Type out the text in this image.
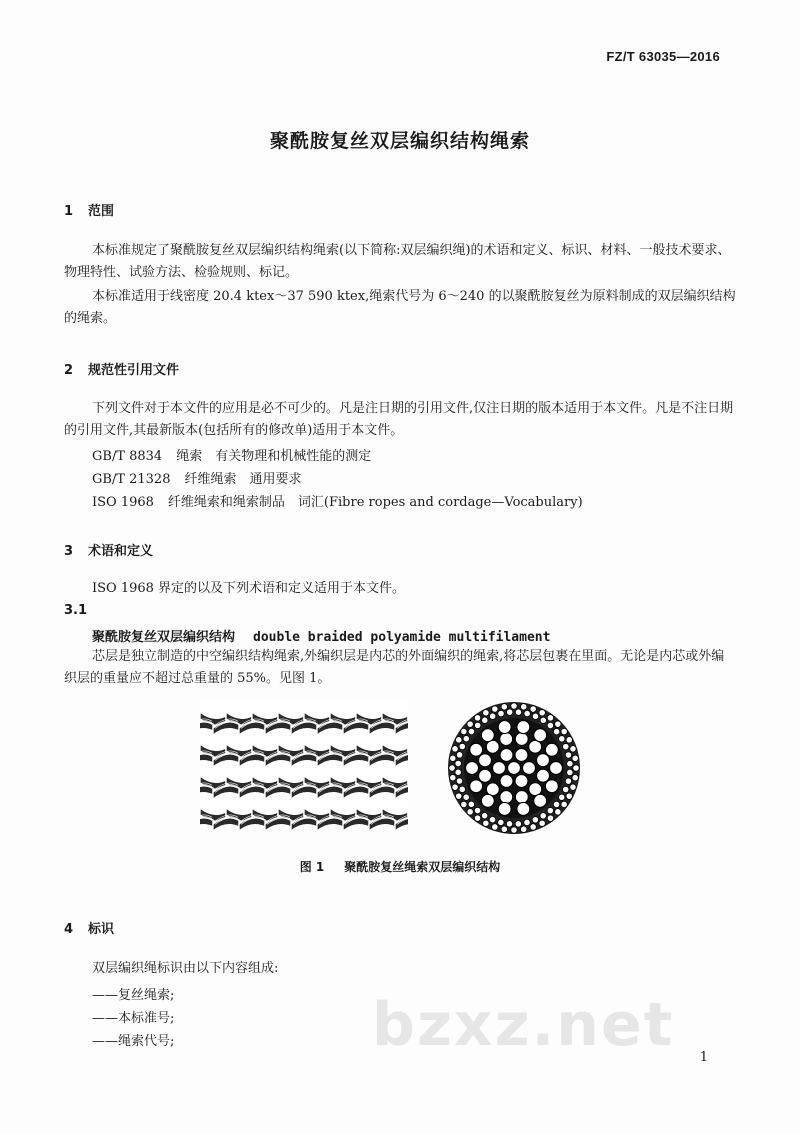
FZ/T 63035—2016
聚酰胺复丝双层编织结构绳索
1 范围
本标准规定了聚酰胺复丝双层编织结构绳索(以下简称:双层编织绳)的术语和定义、标识、材料、一般技术要求、物理特性、试验方法、检验规则、标记。
本标准适用于线密度 20.4 ktex～37 590 ktex,绳索代号为 6～240 的以聚酰胺复丝为原料制成的双层编织结构的绳索。
2 规范性引用文件
下列文件对于本文件的应用是必不可少的。凡是注日期的引用文件,仅注日期的版本适用于本文件。凡是不注日期的引用文件,其最新版本(包括所有的修改单)适用于本文件。
GB/T 8834 绳索　有关物理和机械性能的测定
GB/T 21328 纤维绳索　通用要求
ISO 1968 纤维绳索和绳索制品　词汇(Fibre ropes and cordage—Vocabulary)
3 术语和定义
ISO 1968 界定的以及下列术语和定义适用于本文件。
3.1
聚酰胺复丝双层编织结构 double braided polyamide multifilament
芯层是独立制造的中空编织结构绳索,外编织层是内芯的外面编织的绳索,将芯层包裹在里面。无论是内芯或外编织层的重量应不超过总重量的 55%。见图 1。
图 1 聚酰胺复丝绳索双层编织结构
4 标识
双层编织绳标识由以下内容组成:
——复丝绳索;
——本标准号;
——绳索代号;	bzxz.net 1
